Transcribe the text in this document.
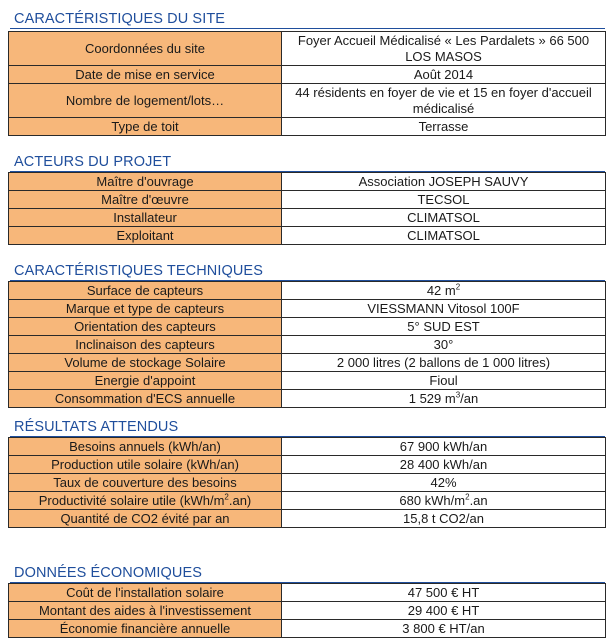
CARACTÉRISTIQUES DU SITE
Coordonnées du site	Foyer Accueil Médicalisé « Les Pardalets » 66 500 LOS MASOS
Date de mise en service	Août 2014
Nombre de logement/lots…	44 résidents en foyer de vie et 15 en foyer d'accueil médicalisé
Type de toit	Terrasse
ACTEURS DU PROJET
Maître d'ouvrage	Association JOSEPH SAUVY
Maître d'œuvre	TECSOL
Installateur	CLIMATSOL
Exploitant	CLIMATSOL
CARACTÉRISTIQUES TECHNIQUES
Surface de capteurs	42 $m^2$
Marque et type de capteurs	VIESSMANN Vitosol 100F
Orientation des capteurs	5° SUD EST
Inclinaison des capteurs	30°
Volume de stockage Solaire	2 000 litres (2 ballons de 1 000 litres)
Energie d'appoint	Fioul
Consommation d'ECS annuelle	1 529 $m^3/an$
RÉSULTATS ATTENDUS
Besoins annuels (kWh/an)	67 900 kWh/an
Production utile solaire (kWh/an)	28 400 kWh/an
Taux de couverture des besoins	42%
Productivité solaire utile $(kWh/m^2.an)$	680 kWh/$m^2.an$
Quantité de CO2 évité par an	15,8 t CO2/an
DONNÉES ÉCONOMIQUES
Coût de l'installation solaire	47 500 € HT
Montant des aides à l'investissement	29 400 € HT
Économie financière annuelle	3 800 € HT/an
